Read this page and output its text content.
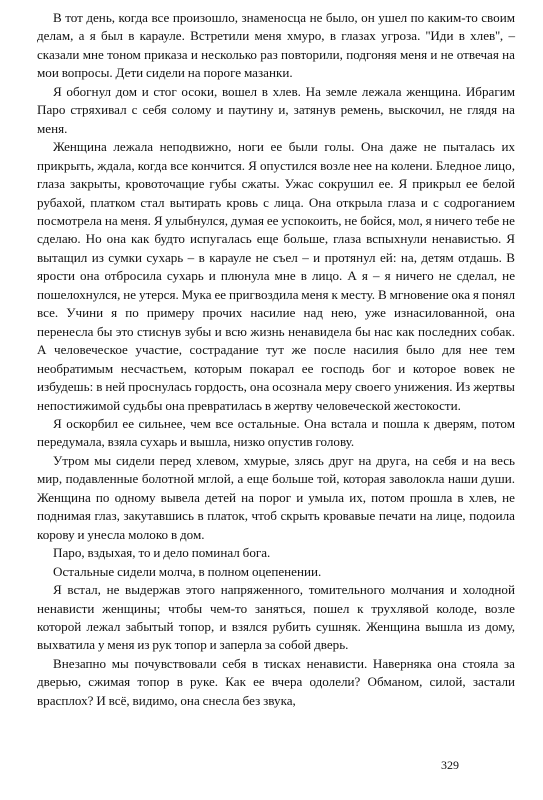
В тот день, когда все произошло, знаменосца не было, он ушел по каким-то своим делам, а я был в карауле. Встретили меня хмуро, в глазах угроза. ''Иди в хлев'', – сказали мне тоном приказа и несколько раз повторили, подгоняя меня и не отвечая на мои вопросы. Дети сидели на пороге мазанки.

Я обогнул дом и стог осоки, вошел в хлев. На земле лежала женщина. Ибрагим Паро стряхивал с себя солому и паутину и, затянув ремень, выскочил, не глядя на меня.

Женщина лежала неподвижно, ноги ее были голы. Она даже не пыталась их прикрыть, ждала, когда все кончится. Я опустился возле нее на колени. Бледное лицо, глаза закрыты, кровоточащие губы сжаты. Ужас сокрушил ее. Я прикрыл ее белой рубахой, платком стал вытирать кровь с лица. Она открыла глаза и с содроганием посмотрела на меня. Я улыбнулся, думая ее успокоить, не бойся, мол, я ничего тебе не сделаю. Но она как будто испугалась еще больше, глаза вспыхнули ненавистью. Я вытащил из сумки сухарь – в карауле не съел – и протянул ей: на, детям отдашь. В ярости она отбросила сухарь и плюнула мне в лицо. А я – я ничего не сделал, не пошелохнулся, не утерся. Мука ее пригвоздила меня к месту. В мгновение ока я понял все. Учини я по примеру прочих насилие над нею, уже изнасилованной, она перенесла бы это стиснув зубы и всю жизнь ненавидела бы нас как последних собак. А человеческое участие, сострадание тут же после насилия было для нее тем необратимым несчастьем, которым покарал ее господь бог и которое вовек не избудешь: в ней проснулась гордость, она осознала меру своего унижения. Из жертвы непостижимой судьбы она превратилась в жертву человеческой жестокости.

Я оскорбил ее сильнее, чем все остальные. Она встала и пошла к дверям, потом передумала, взяла сухарь и вышла, низко опустив голову.

Утром мы сидели перед хлевом, хмурые, злясь друг на друга, на себя и на весь мир, подавленные болотной мглой, а еще больше той, которая заволокла наши души. Женщина по одному вывела детей на порог и умыла их, потом прошла в хлев, не поднимая глаз, закутавшись в платок, чтоб скрыть кровавые печати на лице, подоила корову и унесла молоко в дом.

Паро, вздыхая, то и дело поминал бога.

Остальные сидели молча, в полном оцепенении.

Я встал, не выдержав этого напряженного, томительного молчания и холодной ненависти женщины; чтобы чем-то заняться, пошел к трухлявой колоде, возле которой лежал забытый топор, и взялся рубить сушняк. Женщина вышла из дому, выхватила у меня из рук топор и заперла за собой дверь.

Внезапно мы почувствовали себя в тисках ненависти. Наверняка она стояла за дверью, сжимая топор в руке. Как ее вчера одолели? Обманом, силой, застали врасплох? И всё, видимо, она снесла без звука,

329
